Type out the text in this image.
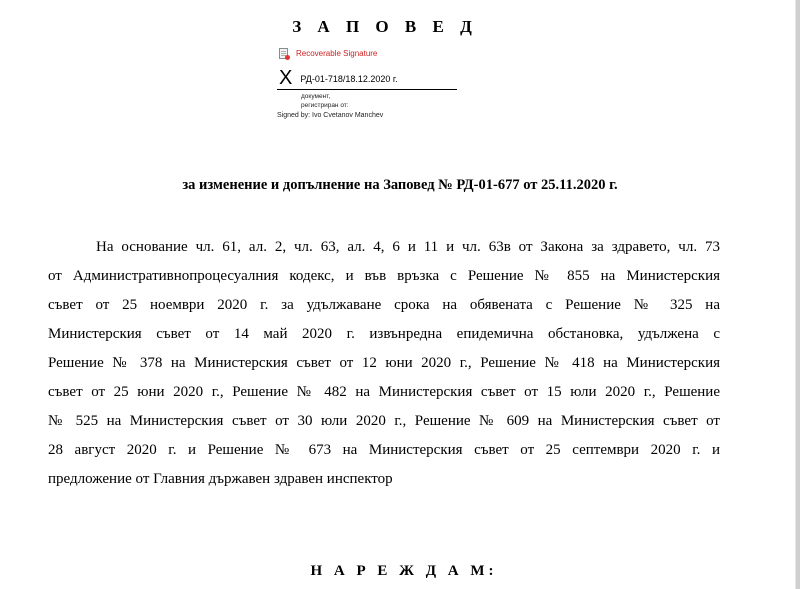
З А П О В Е Д
Recoverable Signature
X РД-01-718/18.12.2020 г.
документ,
регистриран от:
Signed by: Ivo Cvetanov Manchev
за изменение и допълнение на Заповед № РД-01-677 от 25.11.2020 г.
На основание чл. 61, ал. 2, чл. 63, ал. 4, 6 и 11 и чл. 63в от Закона за здравето, чл. 73
от Административнопроцесуалния кодекс, и във връзка с Решение № 855 на Министерския
съвет от 25 ноември 2020 г. за удължаване срока на обявената с Решение № 325 на
Министерския съвет от 14 май 2020 г. извънредна епидемична обстановка, удължена с
Решение № 378 на Министерския съвет от 12 юни 2020 г., Решение № 418 на Министерския
съвет от 25 юни 2020 г., Решение № 482 на Министерския съвет от 15 юли 2020 г., Решение
№ 525 на Министерския съвет от 30 юли 2020 г., Решение № 609 на Министерския съвет от
28 август 2020 г. и Решение № 673 на Министерския съвет от 25 септември 2020 г. и
предложение от Главния държавен здравен инспектор
Н А Р Е Ж Д А М:
